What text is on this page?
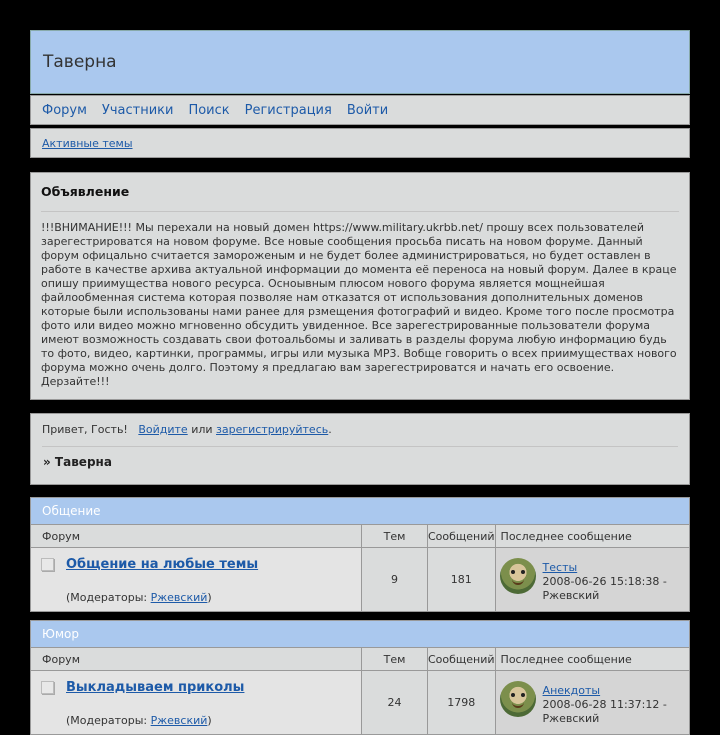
Таверна
Форум Участники Поиск Регистрация Войти
Активные темы
Объявление

!!!ВНИМАНИЕ!!! Мы перехали на новый домен https://www.military.ukrbb.net/ прошу всех пользователей зарегестрироватся на новом форуме. Все новые сообщения просьба писать на новом форуме. Данный форум офицально считается замороженым и не будет более администрироваться, но будет оставлен в работе в качестве архива актуальной информации до момента её переноса на новый форум. Далее в краце опишу приимущества нового ресурса. Осноывным плюсом нового форума является мощнейшая файлообменная система которая позволяе нам отказатся от использования дополнительных доменов которые были использованы нами ранее для рзмещения фотографий и видео. Кроме того после просмотра фото или видео можно мгновенно обсудить увиденное. Все зарегестрированные пользователи форума имеют возможность создавать свои фотоальбомы и заливать в разделы форума любую информацию будь то фото, видео, картинки, программы, игры или музыка MP3. Вобще говорить о всех приимуществах нового форума можно очень долго. Поэтому я предлагаю вам зарегестрироватся и начать его освоение. Дерзайте!!!

Привет, Гость! Войдите или зарегистрируйтесь.
» Таверна
Общение
Форум	Тем	Сообщений	Последнее сообщение

Общение на любые темы
(Модераторы: Ржевский)	9	181	Тесты
2008-06-26 15:18:38 -
Ржевский
Юмор
Форум	Тем	Сообщений	Последнее сообщение

Выкладываем приколы
(Модераторы: Ржевский)	24	1798	Анекдоты
2008-06-28 11:37:12 -
Ржевский
